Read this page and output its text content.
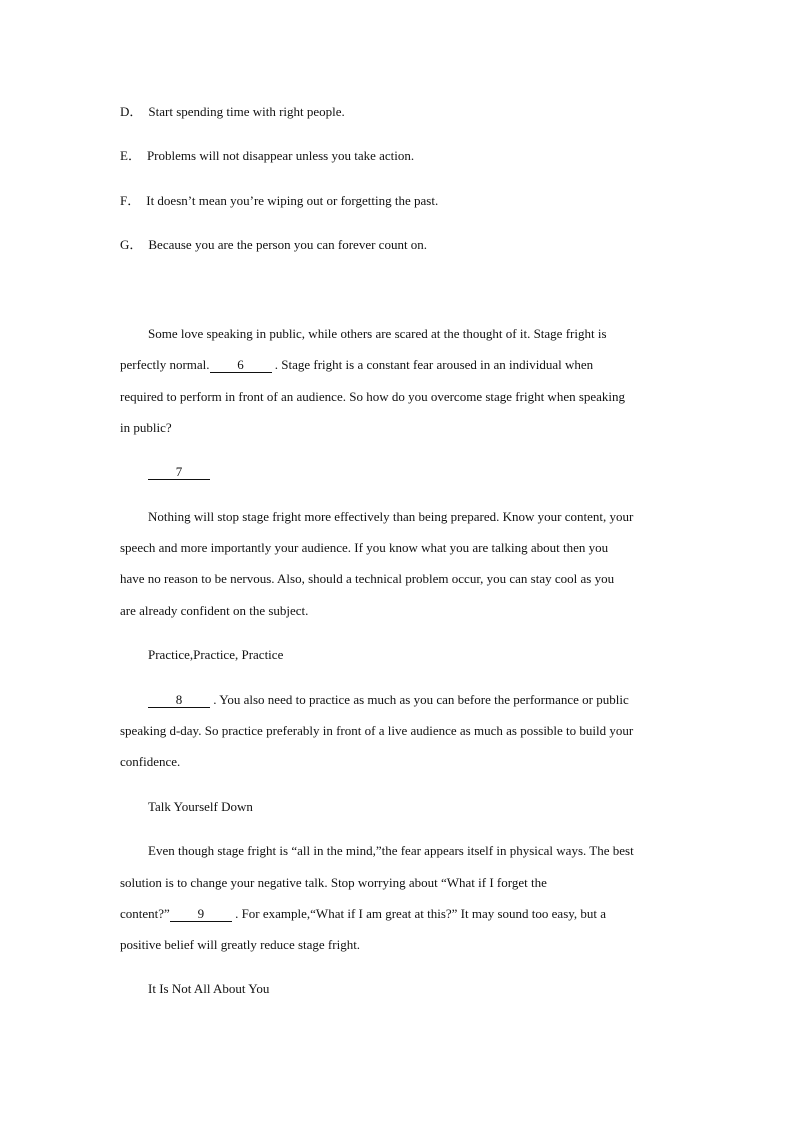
D． Start spending time with right people.
E． Problems will not disappear unless you take action.
F． It doesn’t mean you’re wiping out or forgetting the past.
G． Because you are the person you can forever count on.
Some love speaking in public, while others are scared at the thought of it. Stage fright is
perfectly normal. 6 . Stage fright is a constant fear aroused in an individual when
required to perform in front of an audience. So how do you overcome stage fright when speaking
in public?
7
Nothing will stop stage fright more effectively than being prepared. Know your content, your
speech and more importantly your audience. If you know what you are talking about then you
have no reason to be nervous. Also, should a technical problem occur, you can stay cool as you
are already confident on the subject.
Practice,Practice, Practice
8 . You also need to practice as much as you can before the performance or public
speaking d-day. So practice preferably in front of a live audience as much as possible to build your
confidence.
Talk Yourself Down
Even though stage fright is “all in the mind,”the fear appears itself in physical ways. The best
solution is to change your negative talk. Stop worrying about “What if I forget the
content?” 9 . For example,“What if I am great at this?” It may sound too easy, but a
positive belief will greatly reduce stage fright.
It Is Not All About You
